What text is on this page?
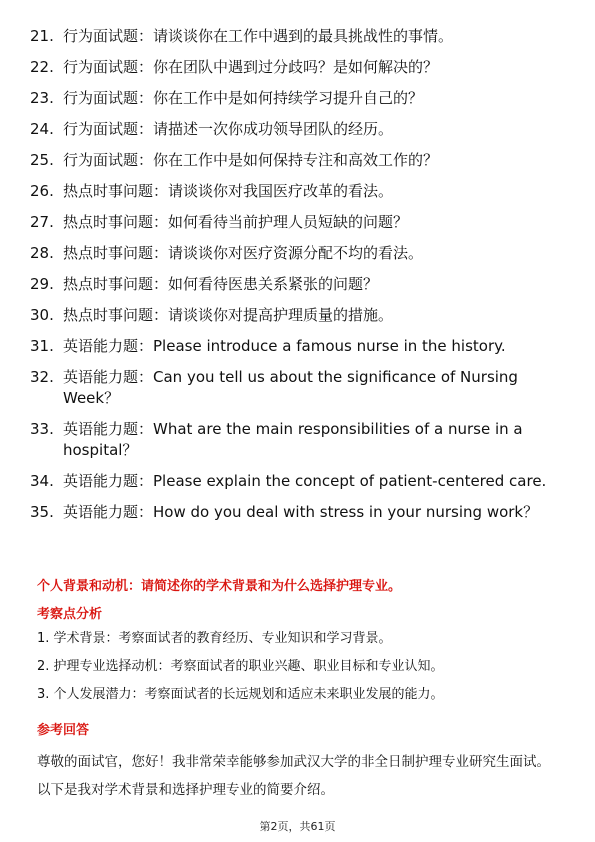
21. 行为面试题：请谈谈你在工作中遇到的最具挑战性的事情。
22. 行为面试题：你在团队中遇到过分歧吗？是如何解决的？
23. 行为面试题：你在工作中是如何持续学习提升自己的？
24. 行为面试题：请描述一次你成功领导团队的经历。
25. 行为面试题：你在工作中是如何保持专注和高效工作的？
26. 热点时事问题：请谈谈你对我国医疗改革的看法。
27. 热点时事问题：如何看待当前护理人员短缺的问题？
28. 热点时事问题：请谈谈你对医疗资源分配不均的看法。
29. 热点时事问题：如何看待医患关系紧张的问题？
30. 热点时事问题：请谈谈你对提高护理质量的措施。
31. 英语能力题：Please introduce a famous nurse in the history.
32. 英语能力题：Can you tell us about the significance of Nursing Week？
33. 英语能力题：What are the main responsibilities of a nurse in a hospital？
34. 英语能力题：Please explain the concept of patient-centered care.
35. 英语能力题：How do you deal with stress in your nursing work？
个人背景和动机：请简述你的学术背景和为什么选择护理专业。
考察点分析
1. 学术背景：考察面试者的教育经历、专业知识和学习背景。
2. 护理专业选择动机：考察面试者的职业兴趣、职业目标和专业认知。
3. 个人发展潜力：考察面试者的长远规划和适应未来职业发展的能力。
参考回答

尊敬的面试官，您好！我非常荣幸能够参加武汉大学的非全日制护理专业研究生面试。以下是我对学术背景和选择护理专业的简要介绍。

第2页，共61页
